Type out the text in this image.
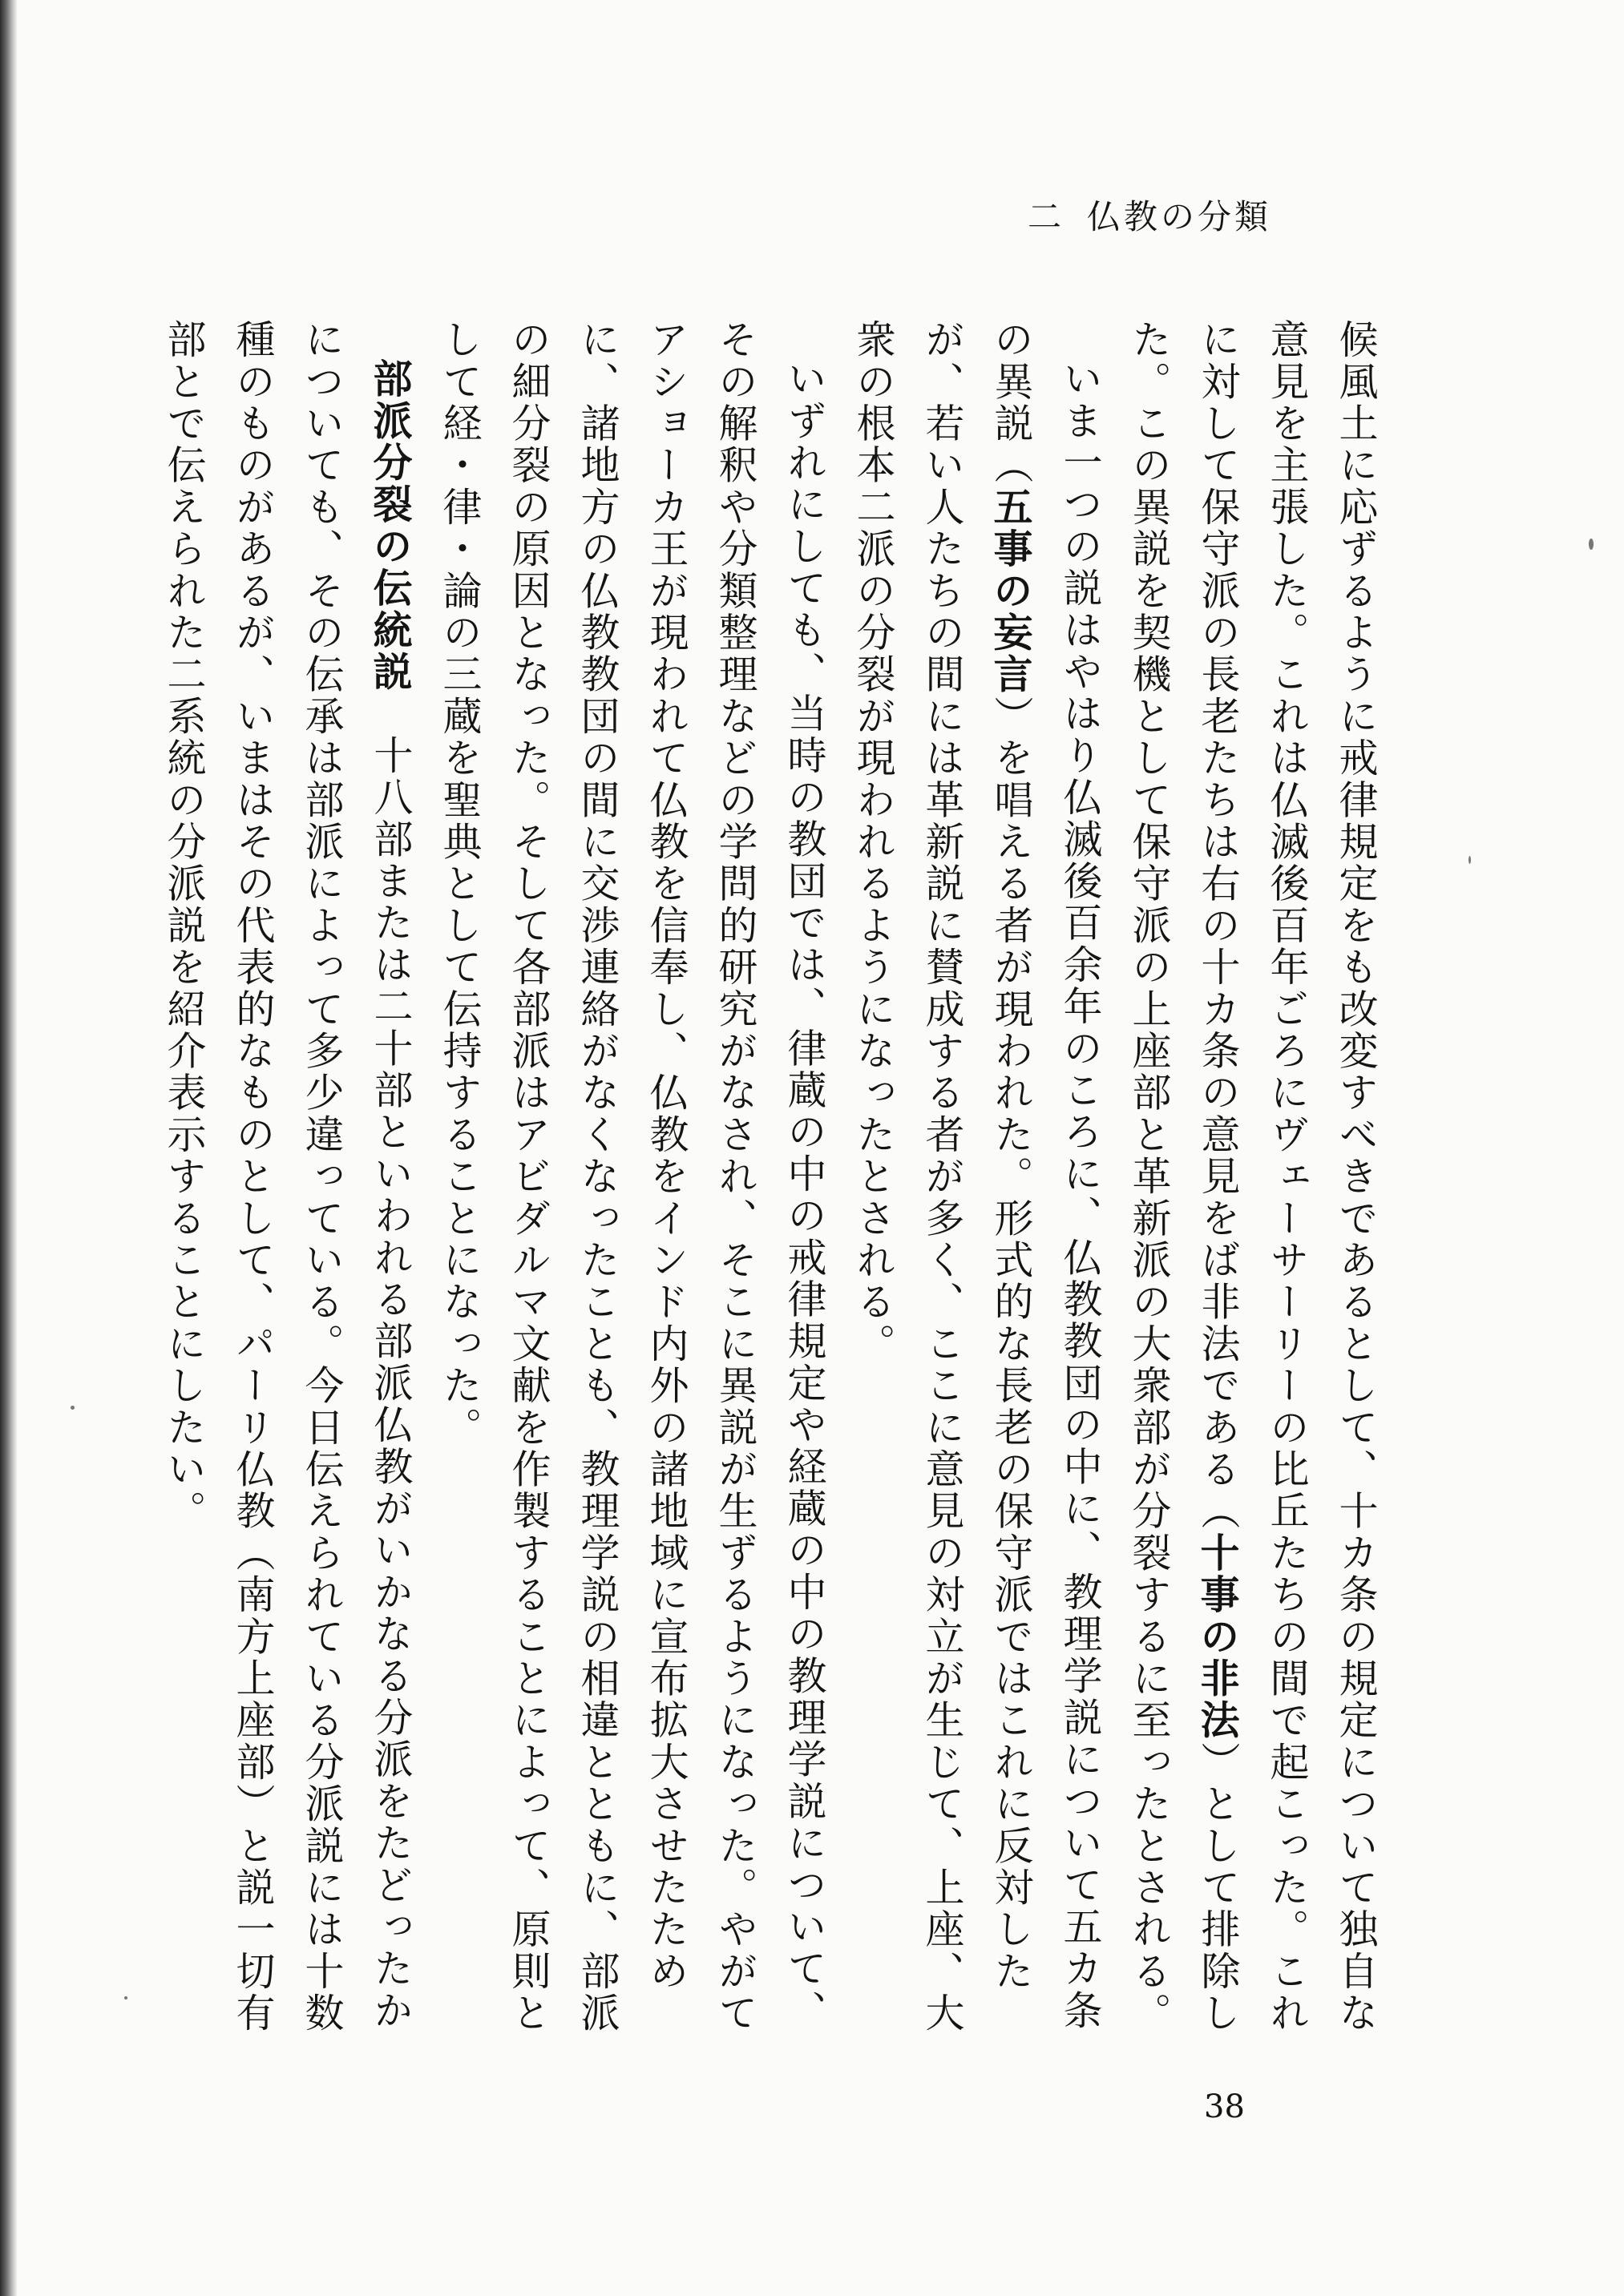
二 仏教の分類

候風土に応ずるように戒律規定をも改変すべきであるとして、十カ条の規定について独自な意見を主張した。これは仏滅後百年ごろにヴェーサーリーの比丘たちの間で起こった。これに対して保守派の長老たちは右の十カ条の意見をば非法である（十事の非法）として排除した。この異説を契機として保守派の上座部と革新派の大衆部が分裂するに至ったとされる。

いま一つの説はやはり仏滅後百余年のころに、仏教教団の中に、教理学説について五カ条の異説（五事の妄言）を唱える者が現われた。形式的な長老の保守派ではこれに反対したが、若い人たちの間には革新説に賛成する者が多く、ここに意見の対立が生じて、上座、大衆の根本二派の分裂が現われるようになったとされる。

いずれにしても、当時の教団では、律蔵の中の戒律規定や経蔵の中の教理学説について、その解釈や分類整理などの学問的研究がなされ、そこに異説が生ずるようになった。やがてアショーカ王が現われて仏教を信奉し、仏教をインド内外の諸地域に宣布拡大させたために、諸地方の仏教教団の間に交渉連絡がなくなったことも、教理学説の相違とともに、部派の細分裂の原因となった。そして各部派はアビダルマ文献を作製することによって、原則として経・律・論の三蔵を聖典として伝持することになった。

部派分裂の伝統説　十八部または二十部といわれる部派仏教がいかなる分派をたどったかについても、その伝承は部派によって多少違っている。今日伝えられている分派説には十数種のものがあるが、いまはその代表的なものとして、パーリ仏教（南方上座部）と説一切有部とで伝えられた二系統の分派説を紹介表示することにしたい。

38
